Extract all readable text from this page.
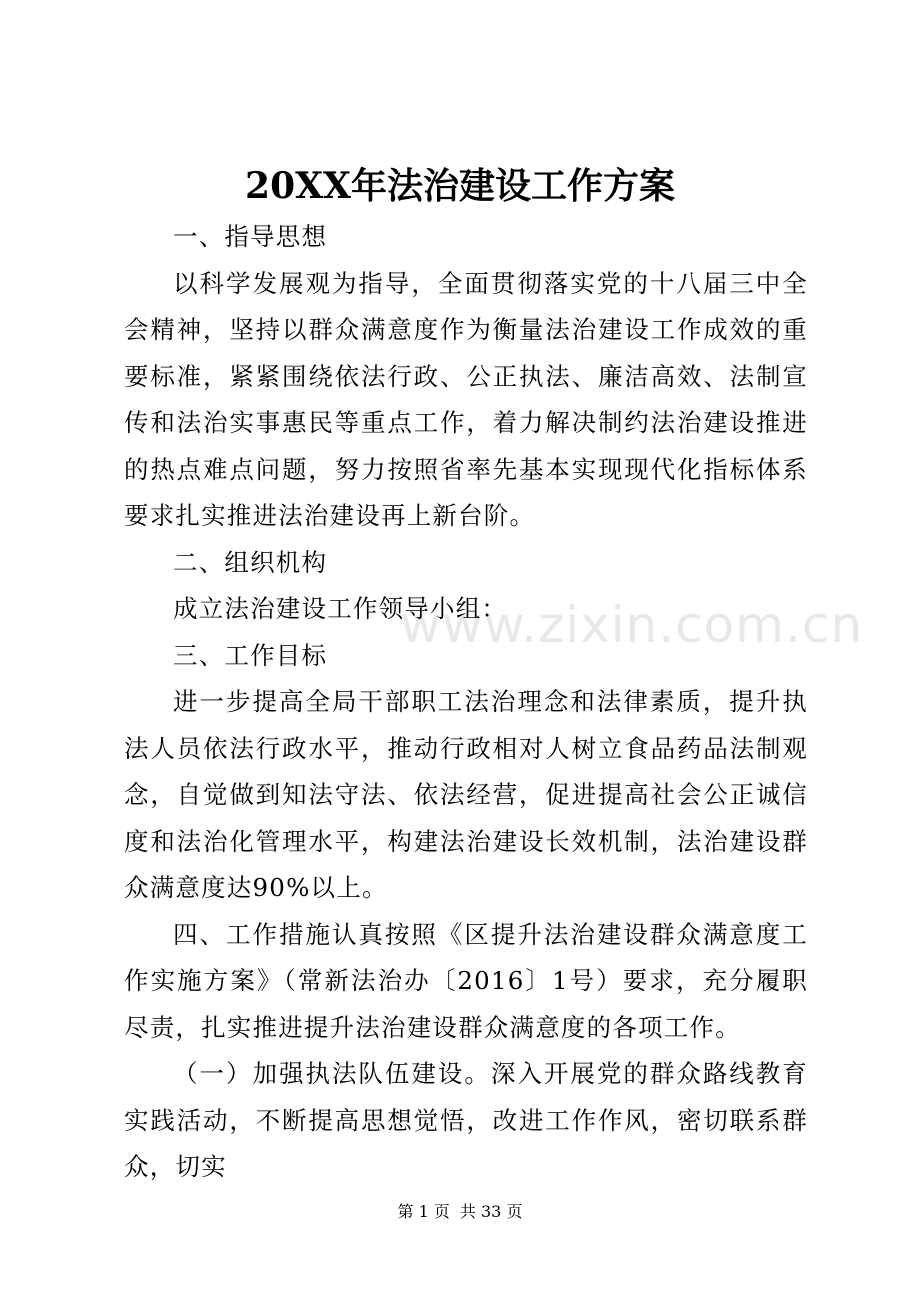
www.zixin.com.cn
20XX年法治建设工作方案

一、指导思想

以科学发展观为指导，全面贯彻落实党的十八届三中全会精神，坚持以群众满意度作为衡量法治建设工作成效的重要标准，紧紧围绕依法行政、公正执法、廉洁高效、法制宣传和法治实事惠民等重点工作，着力解决制约法治建设推进的热点难点问题，努力按照省率先基本实现现代化指标体系要求扎实推进法治建设再上新台阶。

二、组织机构

成立法治建设工作领导小组：

三、工作目标

进一步提高全局干部职工法治理念和法律素质，提升执法人员依法行政水平，推动行政相对人树立食品药品法制观念，自觉做到知法守法、依法经营，促进提高社会公正诚信度和法治化管理水平，构建法治建设长效机制，法治建设群众满意度达90%以上。

四、工作措施认真按照《区提升法治建设群众满意度工作实施方案》（常新法治办〔2016〕1号）要求，充分履职尽责，扎实推进提升法治建设群众满意度的各项工作。

（一）加强执法队伍建设。深入开展党的群众路线教育实践活动，不断提高思想觉悟，改进工作作风，密切联系群众，切实

第 1 页 共 33 页
